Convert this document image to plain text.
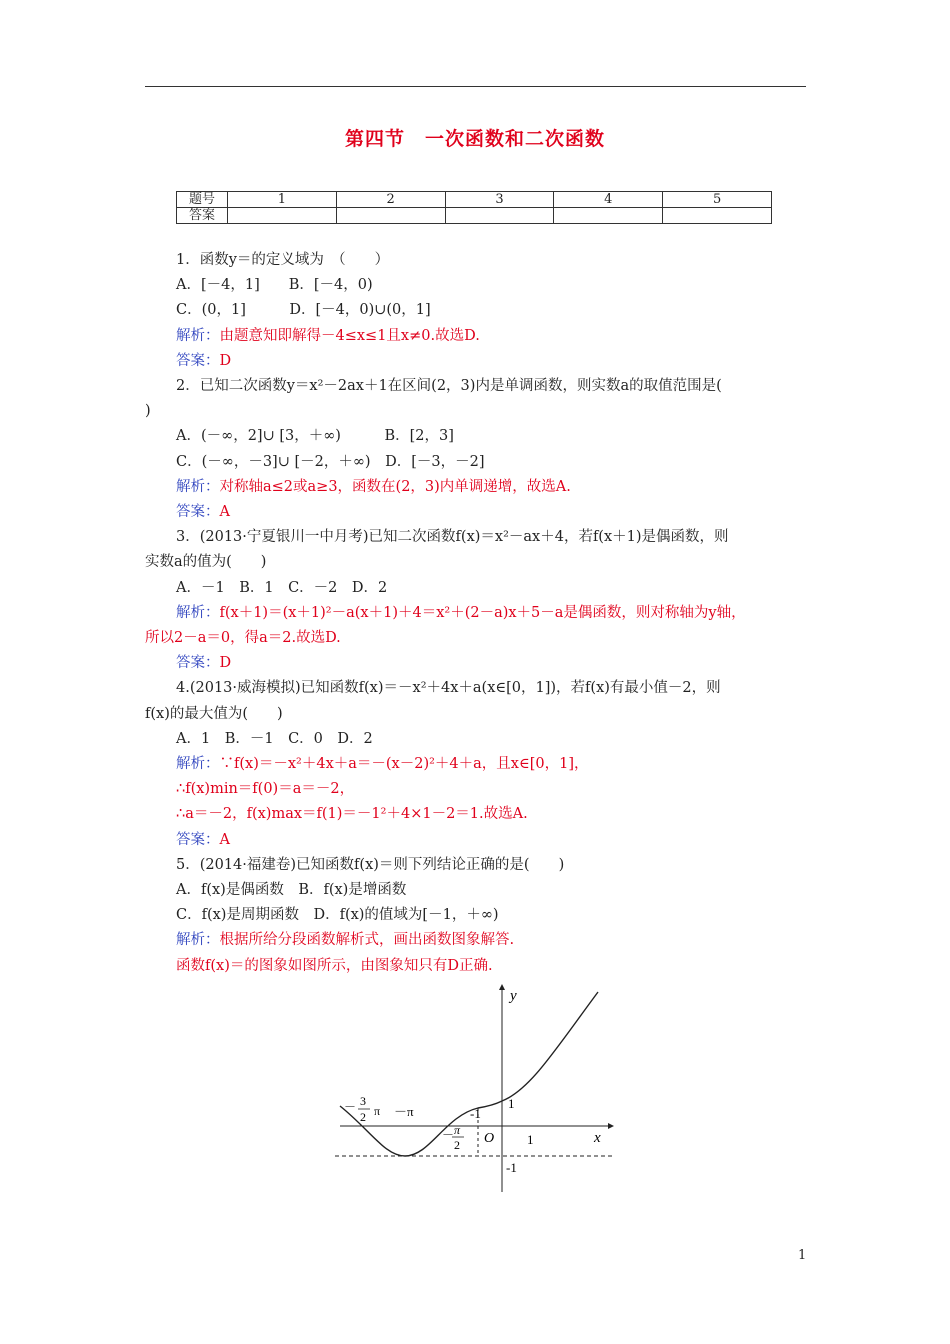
第四节　一次函数和二次函数
题号	1	2	3	4	5
答案					
1．函数y＝的定义域为　（　　）
A．[－4，1]　　B．[－4，0)
C．(0，1]　　　D．[－4，0)∪(0，1]
解析：由题意知即解得－4≤x≤1且x≠0.故选D.
答案：D
2．已知二次函数y＝x²－2ax＋1在区间(2，3)内是单调函数，则实数a的取值范围是(
)
A．(－∞，2]∪ [3，＋∞)　　　B．[2，3]
C．(－∞，－3]∪ [－2，＋∞)　D．[－3，－2]
解析：对称轴a≤2或a≥3，函数在(2，3)内单调递增，故选A.
答案：A
3．(2013·宁夏银川一中月考)已知二次函数f(x)＝x²－ax＋4，若f(x＋1)是偶函数，则
实数a的值为(　　)
A．－1　B．1　C．－2　D．2
解析：f(x＋1)＝(x＋1)²－a(x＋1)＋4＝x²＋(2－a)x＋5－a是偶函数，则对称轴为y轴，
所以2－a＝0，得a＝2.故选D.
答案：D
4.(2013·威海模拟)已知函数f(x)＝－x²＋4x＋a(x∈[0，1])，若f(x)有最小值－2，则
f(x)的最大值为(　　)
A．1　B．－1　C．0　D．2
解析：∵f(x)＝－x²＋4x＋a＝－(x－2)²＋4＋a，且x∈[0，1]，
∴f(x)min＝f(0)＝a＝－2，
∴a＝－2，f(x)max＝f(1)＝－1²＋4×1－2＝1.故选A.
答案：A
5．(2014·福建卷)已知函数f(x)＝则下列结论正确的是(　　)
A．f(x)是偶函数　B．f(x)是增函数
C．f(x)是周期函数　D．f(x)的值域为[－1，＋∞)
解析：根据所给分段函数解析式，画出函数图象解答.
函数f(x)＝的图象如图所示，由图象知只有D正确.
y
x
O
1
-1
1
-1
－π
－ 3
2 π
－ π
2
1
